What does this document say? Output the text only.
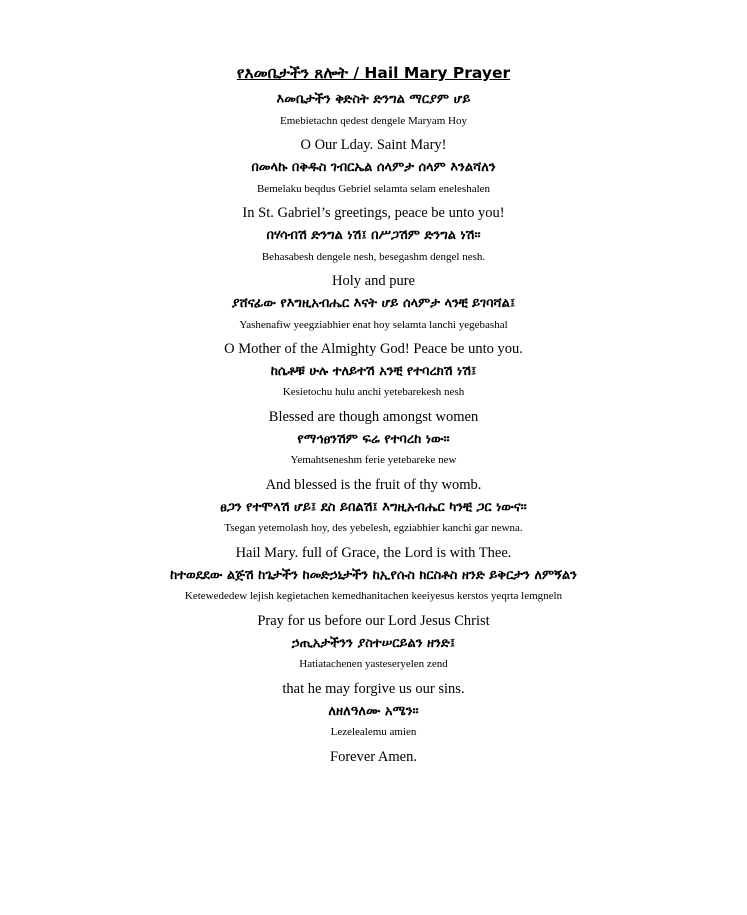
የእመቤታችን ጸሎት / Hail Mary Prayer
እመቤታችን ቅድስት ድንግል ማርያም ሆይ
Emebietachn qedest dengele Maryam Hoy
O Our Lday. Saint Mary!
በመላኩ በቅዱስ ገብርኤል ሰላምታ ሰላም እንልሻለን
Bemelaku beqdus Gebriel selamta selam eneleshalen
In St. Gabriel’s greetings, peace be unto you!
በሃሳብሽ ድንግል ነሽ፤ በሥጋሽም ድንግል ነሽ።
Behasabesh dengele nesh, besegashm dengel nesh.
Holy and pure
ያሸናፊው የእግዚአብሔር እናት ሆይ ሰላምታ ላንቺ ይገባሻል፤
Yashenafiw yeegziabhier enat hoy selamta lanchi yegebashal
O Mother of the Almighty God! Peace be unto you.
ከሴቶቹ ሁሉ ተለይተሽ አንቺ የተባረክሽ ነሽ፤
Kesietochu hulu anchi yetebarekesh nesh
Blessed are though amongst women
የማኅፀንሽም ፍሬ የተባረከ ነው።
Yemahtseneshm ferie yetebareke new
And blessed is the fruit of thy womb.
ፀጋን የተሞላሽ ሆይ፤ ደስ ይበልሽ፤ እግዚአብሔር ካንቺ ጋር ነውና።
Tsegan yetemolash hoy, des yebelesh, egziabhier kanchi gar newna.
Hail Mary. full of Grace, the Lord is with Thee.
ከተወደደው ልጅሽ ከጌታችን ከመድኃኒታችን ከኢየሱስ ክርስቶስ ዘንድ ይቅርታን ለምኝልን
Ketewededew lejish kegietachen kemedhanitachen keeiyesus kerstos yeqrta lemgneln
Pray for us before our Lord Jesus Christ
ኃጢአታችንን ያስተሠርይልን ዘንድ፤
Hatiatachenen yasteseryelen zend
that he may forgive us our sins.
ለዘለዓለሙ አሜን።
Lezelealemu amien
Forever Amen.
